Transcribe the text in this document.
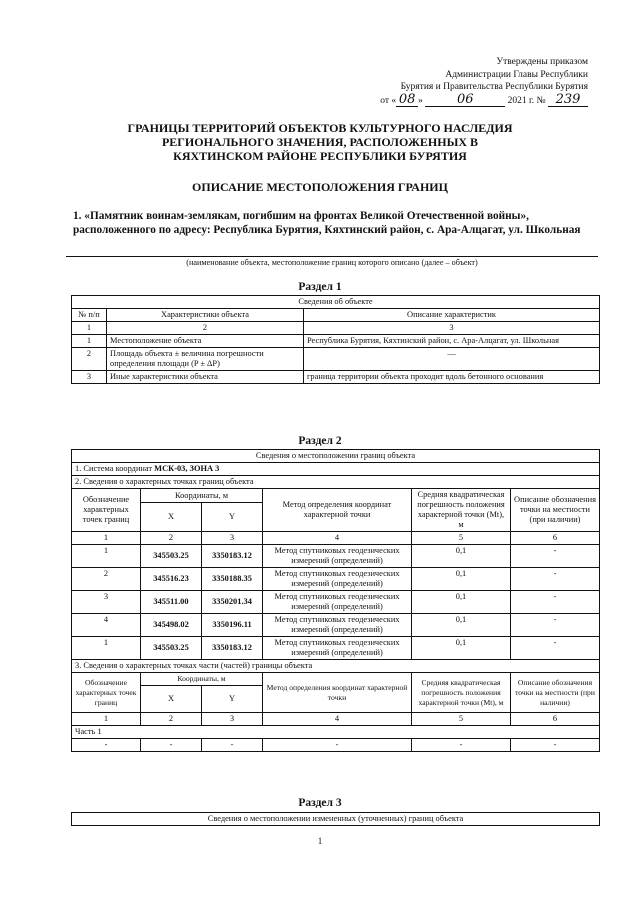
Утверждены приказом
Администрации Главы Республики
Бурятия и Правительства Республики Бурятия
от « 08 »	06	2021 г. № 239
ГРАНИЦЫ ТЕРРИТОРИЙ ОБЪЕКТОВ КУЛЬТУРНОГО НАСЛЕДИЯ
РЕГИОНАЛЬНОГО ЗНАЧЕНИЯ, РАСПОЛОЖЕННЫХ В
КЯХТИНСКОМ РАЙОНЕ РЕСПУБЛИКИ БУРЯТИЯ
ОПИСАНИЕ МЕСТОПОЛОЖЕНИЯ ГРАНИЦ
1. «Памятник воинам-землякам, погибшим на фронтах Великой Отечественной войны», расположенного по адресу: Республика Бурятия, Кяхтинский район, с. Ара-Алцагат, ул. Школьная
(наименование объекта, местоположение границ которого описано (далее – объект)
Раздел 1
Сведения об объекте		
№ п/п	Характеристики объекта	Описание характеристик
1	2	3
1	Местоположение объекта	Республика Бурятия, Кяхтинский район, с. Ара-Алцагат, ул. Школьная
2	Площадь объекта ± величина погрешности определения площади (P ± ΔP)	—
3	Иные характеристики объекта	граница территории объекта проходит вдоль бетонного основания
Раздел 2
Сведения о местоположении границ объекта					
1. Система координат МСК-03, ЗОНА 3					
2. Сведения о характерных точках границ объекта					
Обозначение характерных точек границ	Координаты, м		Метод определения координат характерной точки	Средняя квадратическая погрешность положения характерной точки (Mt), м	Описание обозначения точки на местности (при наличии)
	X	Y			
1	2	3	4	5	6
1	345503.25	3350183.12	Метод спутниковых геодезических измерений (определений)	0,1	-
2	345516.23	3350188.35	Метод спутниковых геодезических измерений (определений)	0,1	-
3	345511.00	3350201.34	Метод спутниковых геодезических измерений (определений)	0,1	-
4	345498.02	3350196.11	Метод спутниковых геодезических измерений (определений)	0,1	-
1	345503.25	3350183.12	Метод спутниковых геодезических измерений (определений)	0,1	-
3. Сведения о характерных точках части (частей) границы объекта					
Обозначение характерных точек границ	Координаты, м		Метод определения координат характерной точки	Средняя квадратическая погрешность положения характерной точки (Mt), м	Описание обозначения точки на местности (при наличии)
	X	Y			
1	2	3	4	5	6
Часть 1					
-	-	-	-	-	-
Раздел 3
Сведения о местоположении измененных (уточненных) границ объекта
1
